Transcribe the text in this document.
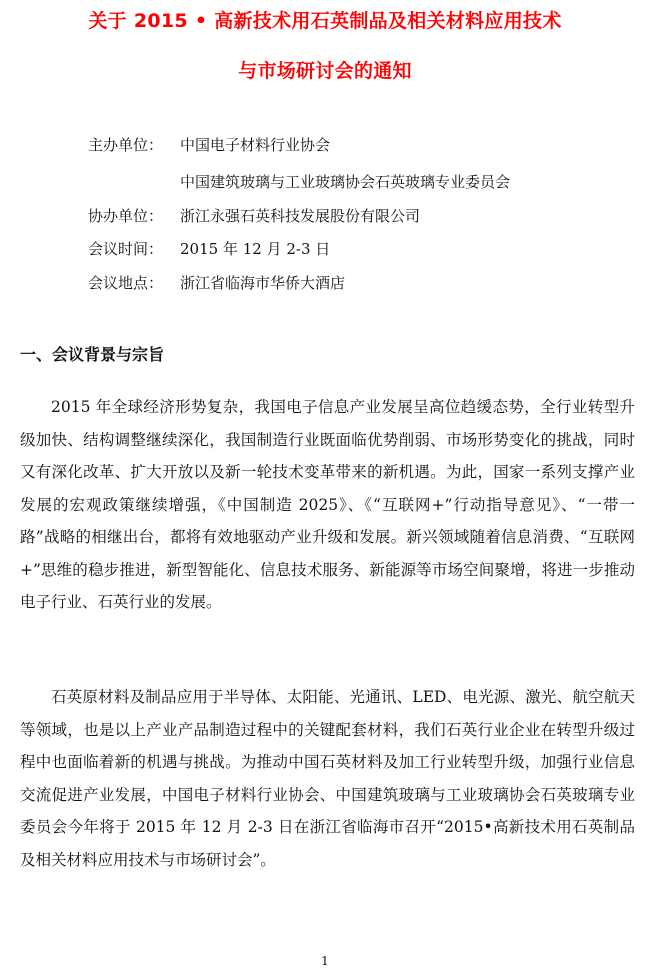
关于 2015 • 高新技术用石英制品及相关材料应用技术
与市场研讨会的通知
主办单位： 中国电子材料行业协会
中国建筑玻璃与工业玻璃协会石英玻璃专业委员会
协办单位： 浙江永强石英科技发展股份有限公司
会议时间： 2015 年 12 月 2-3 日
会议地点： 浙江省临海市华侨大酒店
一、会议背景与宗旨

2015 年全球经济形势复杂，我国电子信息产业发展呈高位趋缓态势，全行业转型升级加快、结构调整继续深化，我国制造行业既面临优势削弱、市场形势变化的挑战，同时又有深化改革、扩大开放以及新一轮技术变革带来的新机遇。为此，国家一系列支撑产业发展的宏观政策继续增强，《中国制造 2025》、《“互联网+”行动指导意见》、“一带一路”战略的相继出台，都将有效地驱动产业升级和发展。新兴领域随着信息消费、“互联网+”思维的稳步推进，新型智能化、信息技术服务、新能源等市场空间聚增，将进一步推动电子行业、石英行业的发展。

石英原材料及制品应用于半导体、太阳能、光通讯、LED、电光源、激光、航空航天等领域，也是以上产业产品制造过程中的关键配套材料，我们石英行业企业在转型升级过程中也面临着新的机遇与挑战。为推动中国石英材料及加工行业转型升级，加强行业信息交流促进产业发展，中国电子材料行业协会、中国建筑玻璃与工业玻璃协会石英玻璃专业委员会今年将于 2015 年 12 月 2-3 日在浙江省临海市召开“2015•高新技术用石英制品及相关材料应用技术与市场研讨会”。

1
